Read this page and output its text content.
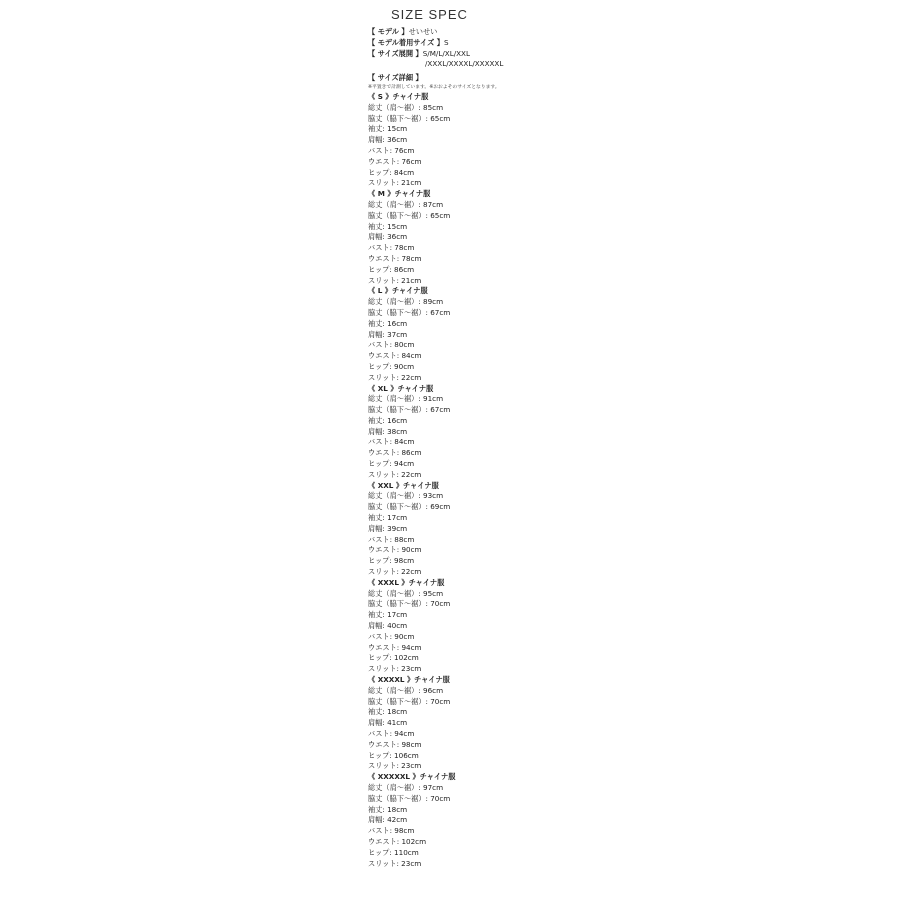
SIZE SPEC
【 モデル 】せいせい
【 モデル着用サイズ 】S
【 サイズ展開 】S/M/L/XL/XXL
/XXXL/XXXXL/XXXXXL
【 サイズ詳細 】
※平置きで計測しています。※おおよそのサイズとなります。
《 S 》チャイナ服
総丈（肩〜裾）: 85cm
脇丈（脇下〜裾）: 65cm
袖丈: 15cm
肩幅: 36cm
バスト: 76cm
ウエスト: 76cm
ヒップ: 84cm
スリット: 21cm
《 M 》チャイナ服
総丈（肩〜裾）: 87cm
脇丈（脇下〜裾）: 65cm
袖丈: 15cm
肩幅: 36cm
バスト: 78cm
ウエスト: 78cm
ヒップ: 86cm
スリット: 21cm
《 L 》チャイナ服
総丈（肩〜裾）: 89cm
脇丈（脇下〜裾）: 67cm
袖丈: 16cm
肩幅: 37cm
バスト: 80cm
ウエスト: 84cm
ヒップ: 90cm
スリット: 22cm
《 XL 》チャイナ服
総丈（肩〜裾）: 91cm
脇丈（脇下〜裾）: 67cm
袖丈: 16cm
肩幅: 38cm
バスト: 84cm
ウエスト: 86cm
ヒップ: 94cm
スリット: 22cm
《 XXL 》チャイナ服
総丈（肩〜裾）: 93cm
脇丈（脇下〜裾）: 69cm
袖丈: 17cm
肩幅: 39cm
バスト: 88cm
ウエスト: 90cm
ヒップ: 98cm
スリット: 22cm
《 XXXL 》チャイナ服
総丈（肩〜裾）: 95cm
脇丈（脇下〜裾）: 70cm
袖丈: 17cm
肩幅: 40cm
バスト: 90cm
ウエスト: 94cm
ヒップ: 102cm
スリット: 23cm
《 XXXXL 》チャイナ服
総丈（肩〜裾）: 96cm
脇丈（脇下〜裾）: 70cm
袖丈: 18cm
肩幅: 41cm
バスト: 94cm
ウエスト: 98cm
ヒップ: 106cm
スリット: 23cm
《 XXXXXL 》チャイナ服
総丈（肩〜裾）: 97cm
脇丈（脇下〜裾）: 70cm
袖丈: 18cm
肩幅: 42cm
バスト: 98cm
ウエスト: 102cm
ヒップ: 110cm
スリット: 23cm
